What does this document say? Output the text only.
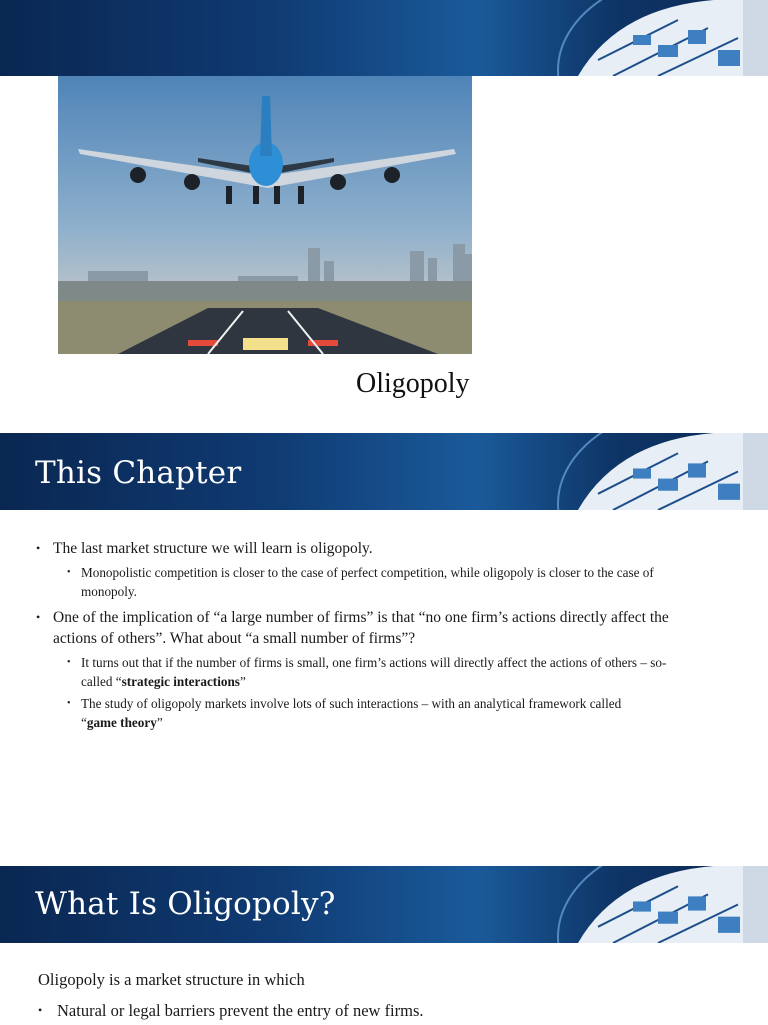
Oligopoly
This Chapter
• The last market structure we will learn is oligopoly.
• Monopolistic competition is closer to the case of perfect competition, while oligopoly is closer to the case of monopoly.
• One of the implication of “a large number of firms” is that “no one firm’s actions directly affect the actions of others”. What about “a small number of firms”?
• It turns out that if the number of firms is small, one firm’s actions will directly affect the actions of others – so-called “strategic interactions”
• The study of oligopoly markets involve lots of such interactions – with an analytical framework called “game theory”
What Is Oligopoly?
Oligopoly is a market structure in which
• Natural or legal barriers prevent the entry of new firms.
